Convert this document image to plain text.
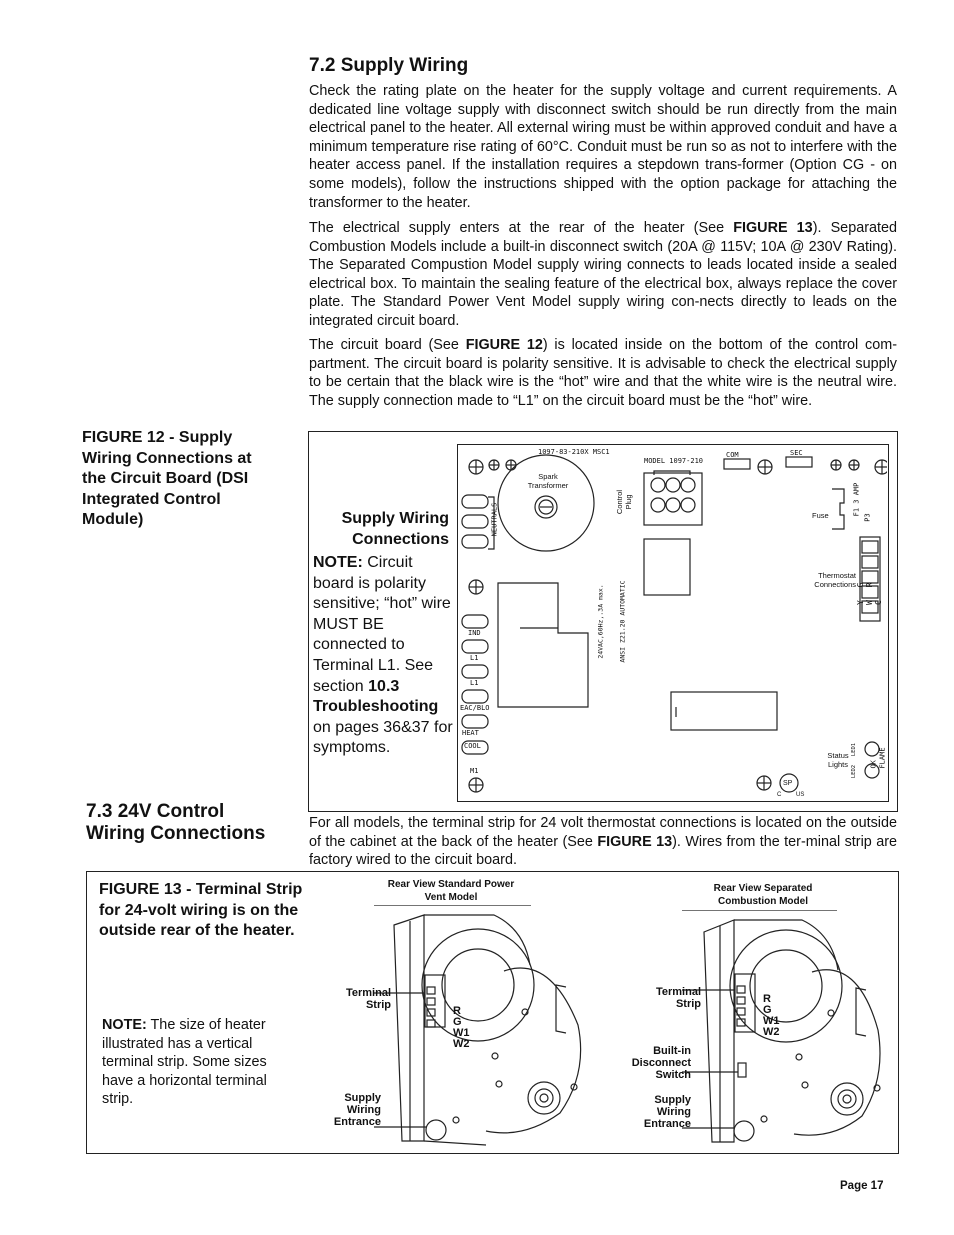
7.2 Supply Wiring

Check the rating plate on the heater for the supply voltage and current requirements. A dedicated line voltage supply with disconnect switch should be run directly from the main electrical panel to the heater. All external wiring must be within approved conduit and have a minimum temperature rise rating of 60°C. Conduit must be run so as not to interfere with the heater access panel. If the installation requires a stepdown trans-former (Option CG - on some models), follow the instructions shipped with the option package for attaching the transformer to the heater.

The electrical supply enters at the rear of the heater (See FIGURE 13). Separated Combustion Models include a built-in disconnect switch (20A @ 115V; 10A @ 230V Rating). The Separated Compustion Model supply wiring connects to leads located inside a sealed electrical box. To maintain the sealing feature of the electrical box, always replace the cover plate. The Standard Power Vent Model supply wiring con-nects directly to leads on the integrated circuit board.

The circuit board (See FIGURE 12) is located inside on the bottom of the control com-partment. The circuit board is polarity sensitive. It is advisable to check the electrical supply to be certain that the black wire is the “hot” wire and that the white wire is the neutral wire. The supply connection made to “L1” on the circuit board must be the “hot” wire.

FIGURE 12 - Supply Wiring Connections at the Circuit Board (DSI Integrated Control Module)	Supply Wiring Connections
NOTE: Circuit board is polarity sensitive; “hot” wire MUST BE connected to Terminal L1. See section 10.3 Troubleshooting on pages 36&37 for symptoms.
1097-83-210X MSC1
MODEL 1097-210
COM	SEC
Spark Transformer
Control Plug
NEUTRALS	Fuse	F1 3 AMP
P3
Thermostat Connections Y G W R C
24VAC,60Hz,.3A max. ANSI Z21.20 AUTOMATIC
IND
L1
L1
EAC/BLO
HEAT
COOL
M1
Status Lights	OK FLAME
LED1
LED2
SP
C US
7.3 24V Control Wiring Connections	For all models, the terminal strip for 24 volt thermostat connections is located on the outside of the cabinet at the back of the heater (See FIGURE 13). Wires from the ter-minal strip are factory wired to the circuit board.

FIGURE 13 - Terminal Strip for 24-volt wiring is on the outside rear of the heater.
NOTE: The size of heater illustrated has a vertical terminal strip. Some sizes have a horizontal terminal strip.
Rear View Standard Power Vent Model
Terminal Strip
Supply Wiring Entrance
R
G
W1
W2
Rear View Separated Combustion Model
Terminal Strip
Built-in Disconnect Switch
Supply Wiring Entrance
R
G
W1
W2
Page 17
